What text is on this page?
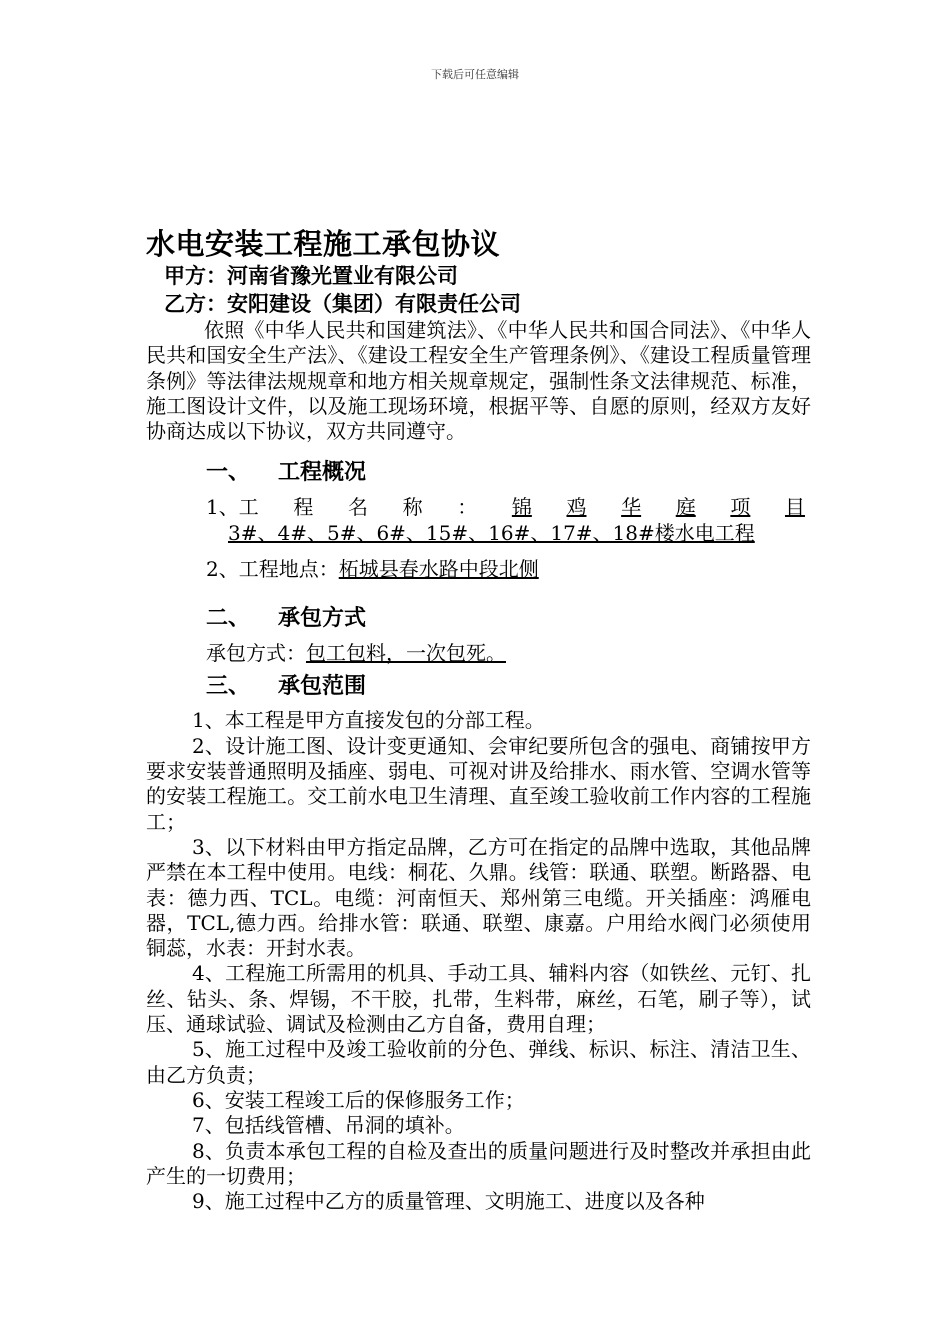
下载后可任意编辑
水电安装工程施工承包协议
甲方：河南省豫光置业有限公司
乙方：安阳建设（集团）有限责任公司

依照《中华人民共和国建筑法》、《中华人民共和国合同法》、《中华人民共和国安全生产法》、《建设工程安全生产管理条例》、《建设工程质量管理条例》等法律法规规章和地方相关规章规定，强制性条文法律规范、标准，施工图设计文件，以及施工现场环境，根据平等、自愿的原则，经双方友好协商达成以下协议，双方共同遵守。

一、 工程概况
1、工 程 名 称 ： 锦 鸡 华 庭 项 目
3#、4#、5#、6#、15#、16#、17#、18#楼水电工程
2、工程地点：柘城县春水路中段北侧
二、 承包方式
承包方式：包工包料，一次包死。
三、 承包范围

1、本工程是甲方直接发包的分部工程。

2、设计施工图、设计变更通知、会审纪要所包含的强电、商铺按甲方要求安装普通照明及插座、弱电、可视对讲及给排水、雨水管、空调水管等的安装工程施工。交工前水电卫生清理、直至竣工验收前工作内容的工程施工；

3、以下材料由甲方指定品牌，乙方可在指定的品牌中选取，其他品牌严禁在本工程中使用。电线：桐花、久鼎。线管：联通、联塑。断路器、电表：德力西、TCL。电缆：河南恒天、郑州第三电缆。开关插座：鸿雁电器，TCL,德力西。给排水管：联通、联塑、康嘉。户用给水阀门必须使用铜蕊，水表：开封水表。

4、工程施工所需用的机具、手动工具、辅料内容（如铁丝、元钉、扎丝、钻头、条、焊锡，不干胶，扎带，生料带，麻丝，石笔，刷子等），试压、通球试验、调试及检测由乙方自备，费用自理；

5、施工过程中及竣工验收前的分色、弹线、标识、标注、清洁卫生、由乙方负责；

6、安装工程竣工后的保修服务工作；

7、包括线管槽、吊洞的填补。

8、负责本承包工程的自检及查出的质量问题进行及时整改并承担由此产生的一切费用；

9、施工过程中乙方的质量管理、文明施工、进度以及各种
